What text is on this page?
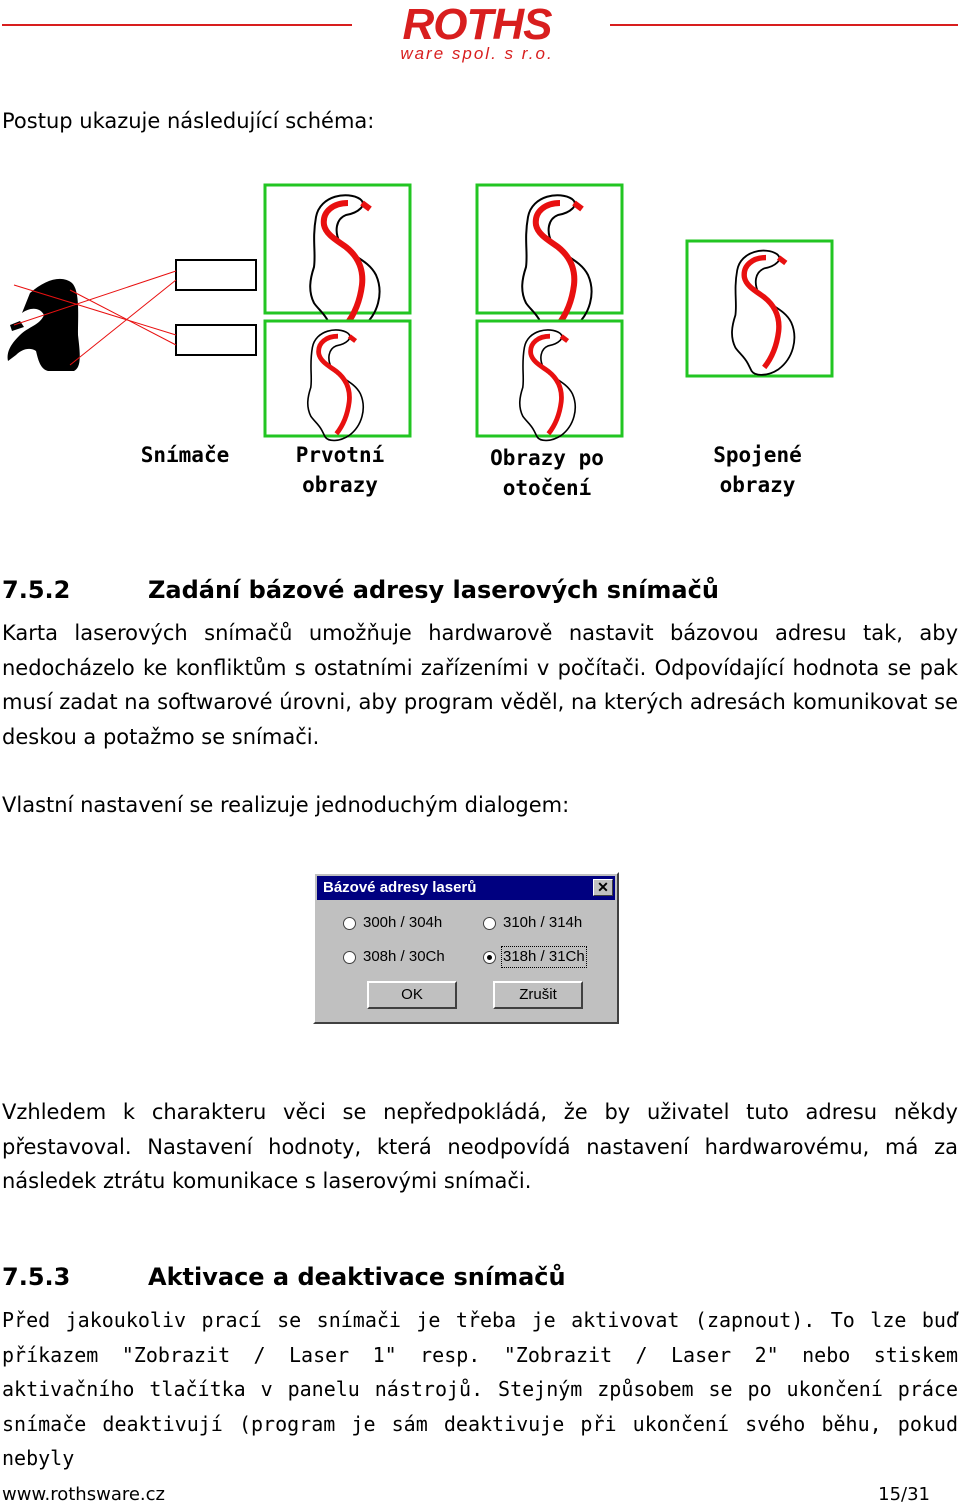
ROTHS
ware spol. s r.o.
Postup ukazuje následující schéma:
Snímače	Prvotní
obrazy
Obrazy po
otočení
Spojené
obrazy
7.5.2	Zadání bázové adresy laserových snímačů
Karta laserových snímačů umožňuje hardwarově nastavit bázovou adresu tak, aby nedocházelo ke konfliktům s ostatními zařízeními v počítači. Odpovídající hodnota se pak musí zadat na softwarové úrovni, aby program věděl, na kterých adresách komunikovat se deskou a potažmo se snímači.
Vlastní nastavení se realizuje jednoduchým dialogem:
Bázové adresy laserů	✕
300h / 304h	310h / 314h
308h / 30Ch	318h / 31Ch
OK	Zrušit
Vzhledem k charakteru věci se nepředpokládá, že by uživatel tuto adresu někdy přestavoval. Nastavení hodnoty, která neodpovídá nastavení hardwarovému, má za následek ztrátu komunikace s laserovými snímači.
7.5.3	Aktivace a deaktivace snímačů
Před jakoukoliv prací se snímači je třeba je aktivovat (zapnout). To lze buď příkazem "Zobrazit / Laser 1" resp. "Zobrazit / Laser 2" nebo stiskem aktivačního tlačítka v panelu nástrojů. Stejným způsobem se po ukončení práce snímače deaktivují (program je sám deaktivuje při ukončení svého běhu, pokud nebyly
www.rothsware.cz	15/31
